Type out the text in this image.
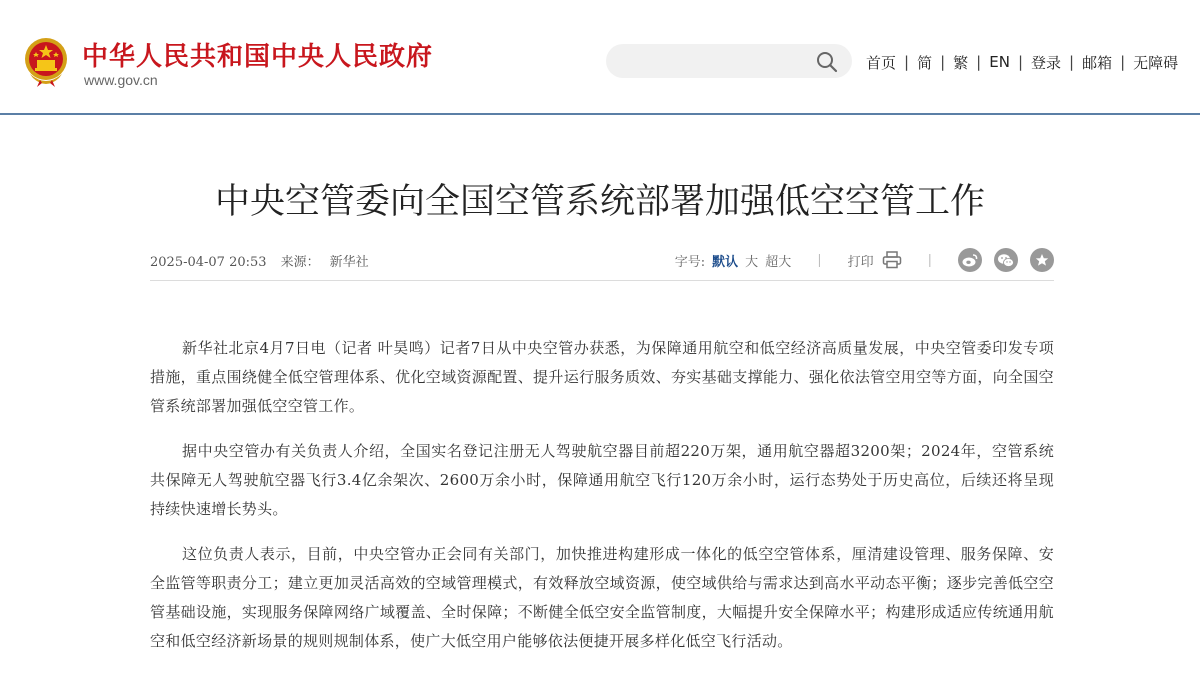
中华人民共和国中央人民政府
www.gov.cn
首页 | 简 | 繁 | EN | 登录 | 邮箱 | 无障碍
中央空管委向全国空管系统部署加强低空空管工作
2025-04-07 20:53 来源： 新华社	字号: 默认 大 超大 | 打印	|

新华社北京4月7日电（记者 叶昊鸣）记者7日从中央空管办获悉，为保障通用航空和低空经济高质量发展，中央空管委印发专项措施，重点围绕健全低空管理体系、优化空域资源配置、提升运行服务质效、夯实基础支撑能力、强化依法管空用空等方面，向全国空管系统部署加强低空空管工作。

据中央空管办有关负责人介绍，全国实名登记注册无人驾驶航空器目前超220万架，通用航空器超3200架；2024年，空管系统共保障无人驾驶航空器飞行3.4亿余架次、2600万余小时，保障通用航空飞行120万余小时，运行态势处于历史高位，后续还将呈现持续快速增长势头。

这位负责人表示，目前，中央空管办正会同有关部门，加快推进构建形成一体化的低空空管体系，厘清建设管理、服务保障、安全监管等职责分工；建立更加灵活高效的空域管理模式，有效释放空域资源，使空域供给与需求达到高水平动态平衡；逐步完善低空空管基础设施，实现服务保障网络广域覆盖、全时保障；不断健全低空安全监管制度，大幅提升安全保障水平；构建形成适应传统通用航空和低空经济新场景的规则规制体系，使广大低空用户能够依法便捷开展多样化低空飞行活动。
